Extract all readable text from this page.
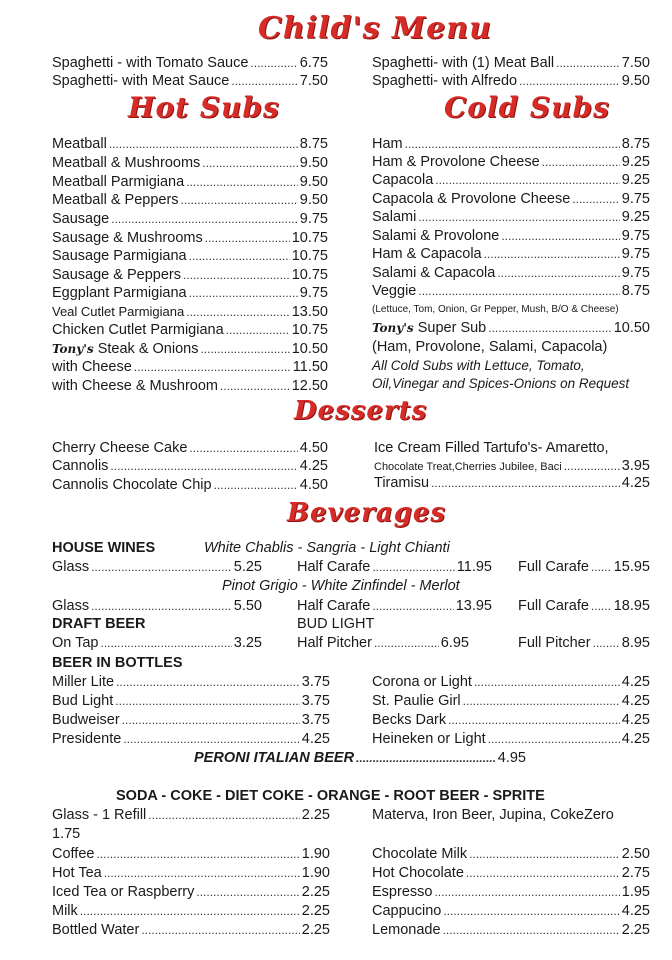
Child's Menu
Hot Subs	Cold Subs
Desserts
Beverages
Spaghetti - with Tomato Sauce .....	6.75
Spaghetti- with Meat Sauce .....	7.50
Spaghetti- with (1) Meat Ball .....	7.50
Spaghetti- with Alfredo .....	9.50
Meatball .....	8.75
Meatball & Mushrooms .....	9.50
Meatball Parmigiana .....	9.50
Meatball & Peppers .....	9.50
Sausage .....	9.75
Sausage & Mushrooms .....	10.75
Sausage Parmigiana .....	10.75
Sausage & Peppers .....	10.75
Eggplant Parmigiana .....	9.75
Veal Cutlet Parmigiana .....	13.50
Chicken Cutlet Parmigiana .....	10.75
Tony's Steak & Onions .....	10.50
with Cheese .....	11.50
with Cheese & Mushroom .....	12.50
Ham .....	8.75
Ham & Provolone Cheese .....	9.25
Capacola .....	9.25
Capacola & Provolone Cheese .....	9.75
Salami .....	9.25
Salami & Provolone .....	9.75
Ham & Capacola .....	9.75
Salami & Capacola .....	9.75
Veggie .....	8.75
(Lettuce, Tom, Onion, Gr Pepper, Mush, B/O & Cheese)
Tony's Super Sub .....	10.50
(Ham, Provolone, Salami, Capacola)
All Cold Subs with Lettuce, Tomato,
Oil,Vinegar and Spices-Onions on Request
Cherry Cheese Cake .....	4.50
Cannolis .....	4.25
Cannolis Chocolate Chip .....	4.50
Ice Cream Filled Tartufo's- Amaretto,
Chocolate Treat,Cherries Jubilee, Baci .....	3.95
Tiramisu .....	4.25
HOUSE WINES	White Chablis - Sangria - Light Chianti
Glass .....	5.25 Half Carafe .....	11.95 Full Carafe ..... 15.95
Pinot Grigio - White Zinfindel - Merlot
Glass .....	5.50 Half Carafe .....	13.95 Full Carafe ..... 18.95
DRAFT BEER	BUD LIGHT
On Tap .....	3.25 Half Pitcher .....	6.95	Full Pitcher ..... 8.95
BEER IN BOTTLES
Miller Lite .....	3.75
Bud Light .....	3.75
Budweiser .....	3.75
Presidente .....	4.25
Corona or Light .....	4.25
St. Paulie Girl .....	4.25
Becks Dark .....	4.25
Heineken or Light .....	4.25
PERONI ITALIAN BEER .....	4.95
SODA - COKE - DIET COKE - ORANGE - ROOT BEER - SPRITE
Glass - 1 Refill .....	2.25
1.75
Materva, Iron Beer, Jupina, CokeZero
Coffee .....	1.90
Hot Tea .....	1.90
Iced Tea or Raspberry .....	2.25
Milk .....	2.25
Bottled Water .....	2.25
Chocolate Milk .....	2.50
Hot Chocolate .....	2.75
Espresso .....	1.95
Cappucino .....	4.25
Lemonade .....	2.25
